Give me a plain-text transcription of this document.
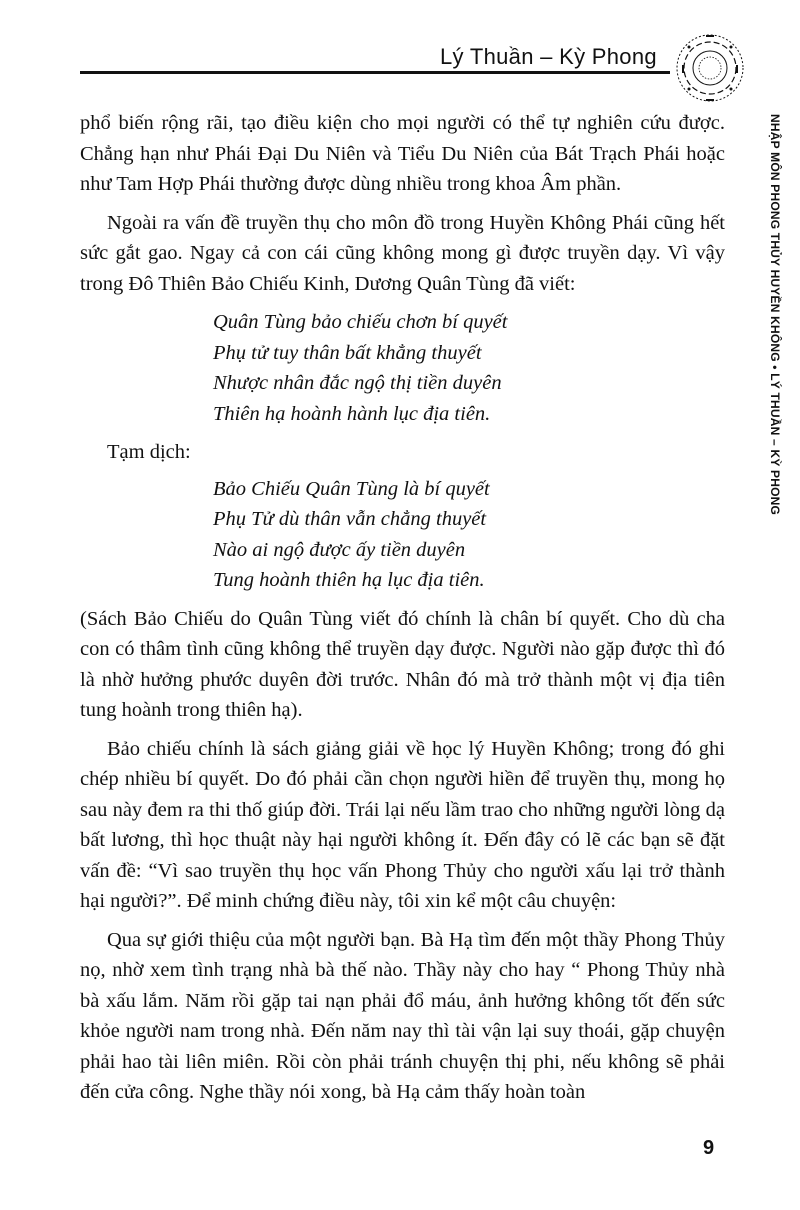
Lý Thuần – Kỳ Phong
NHẬP MÔN PHONG THỦY HUYỀN KHÔNG • LÝ THUẦN – KỲ PHONG

phổ biến rộng rãi, tạo điều kiện cho mọi người có thể tự nghiên cứu được. Chẳng hạn như Phái Đại Du Niên và Tiểu Du Niên của Bát Trạch Phái hoặc như Tam Hợp Phái thường được dùng nhiều trong khoa Âm phần.

Ngoài ra vấn đề truyền thụ cho môn đồ trong Huyền Không Phái cũng hết sức gắt gao. Ngay cả con cái cũng không mong gì được truyền dạy. Vì vậy trong Đô Thiên Bảo Chiếu Kinh, Dương Quân Tùng đã viết:

Quân Tùng bảo chiếu chơn bí quyết
Phụ tử tuy thân bất khẳng thuyết
Nhược nhân đắc ngộ thị tiền duyên
Thiên hạ hoành hành lục địa tiên.
Tạm dịch:
Bảo Chiếu Quân Tùng là bí quyết
Phụ Tử dù thân vẫn chẳng thuyết
Nào ai ngộ được ấy tiền duyên
Tung hoành thiên hạ lục địa tiên.

(Sách Bảo Chiếu do Quân Tùng viết đó chính là chân bí quyết. Cho dù cha con có thâm tình cũng không thể truyền dạy được. Người nào gặp được thì đó là nhờ hưởng phước duyên đời trước. Nhân đó mà trở thành một vị địa tiên tung hoành trong thiên hạ).

Bảo chiếu chính là sách giảng giải về học lý Huyền Không; trong đó ghi chép nhiều bí quyết. Do đó phải cần chọn người hiền để truyền thụ, mong họ sau này đem ra thi thố giúp đời. Trái lại nếu lầm trao cho những người lòng dạ bất lương, thì học thuật này hại người không ít. Đến đây có lẽ các bạn sẽ đặt vấn đề: “Vì sao truyền thụ học vấn Phong Thủy cho người xấu lại trở thành hại người?”. Để minh chứng điều này, tôi xin kể một câu chuyện:

Qua sự giới thiệu của một người bạn. Bà Hạ tìm đến một thầy Phong Thủy nọ, nhờ xem tình trạng nhà bà thế nào. Thầy này cho hay “ Phong Thủy nhà bà xấu lắm. Năm rồi gặp tai nạn phải đổ máu, ảnh hưởng không tốt đến sức khỏe người nam trong nhà. Đến năm nay thì tài vận lại suy thoái, gặp chuyện phải hao tài liên miên. Rồi còn phải tránh chuyện thị phi, nếu không sẽ phải đến cửa công. Nghe thầy nói xong, bà Hạ cảm thấy hoàn toàn

9
